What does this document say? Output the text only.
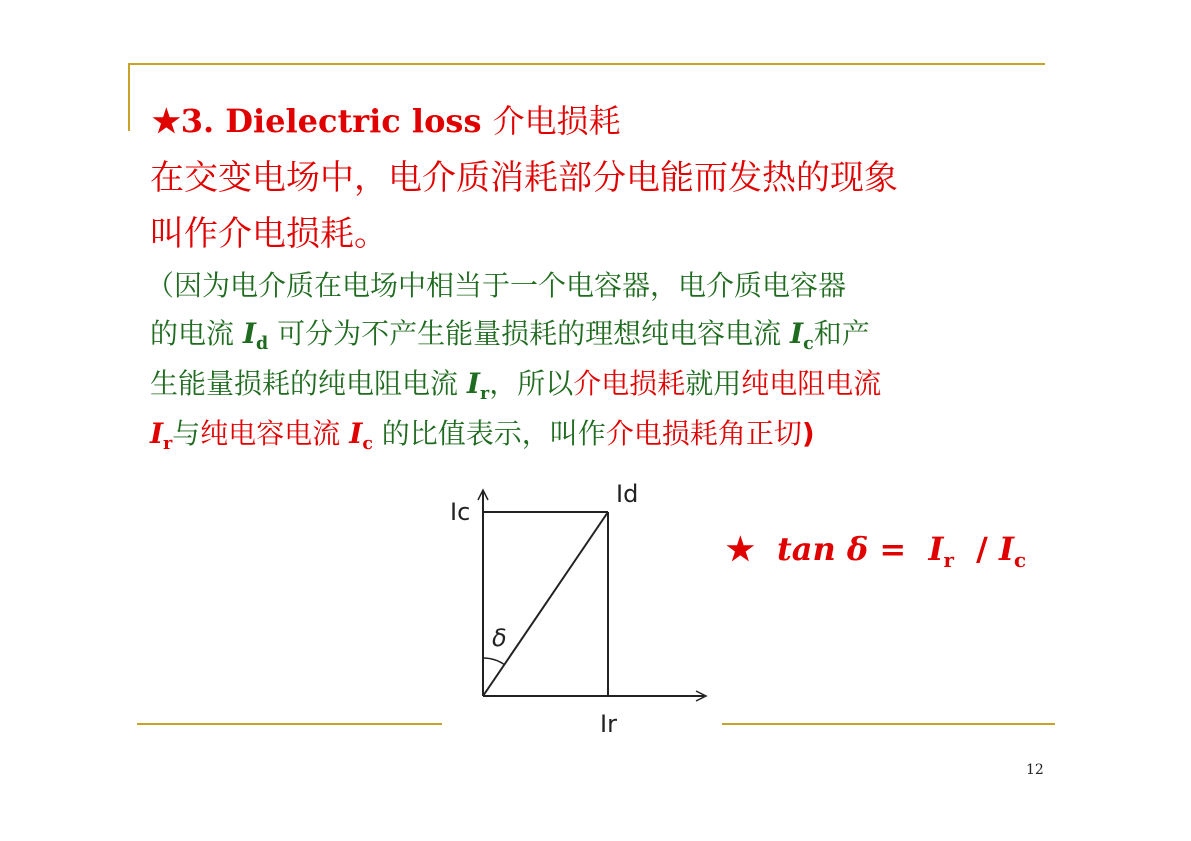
★3. Dielectric loss 介电损耗
在交变电场中，电介质消耗部分电能而发热的现象
叫作介电损耗。
（因为电介质在电场中相当于一个电容器，电介质电容器
的电流 $I_d$ 可分为不产生能量损耗的理想纯电容电流 $I_c$和产
生能量损耗的纯电阻电流 $I_r$，所以介电损耗就用纯电阻电流
$I_r$与纯电容电流 $I_c$ 的比值表示，叫作介电损耗角正切)
Ic
Id
Ir
δ
★ $\tan \delta = I_r / I_c$
12
